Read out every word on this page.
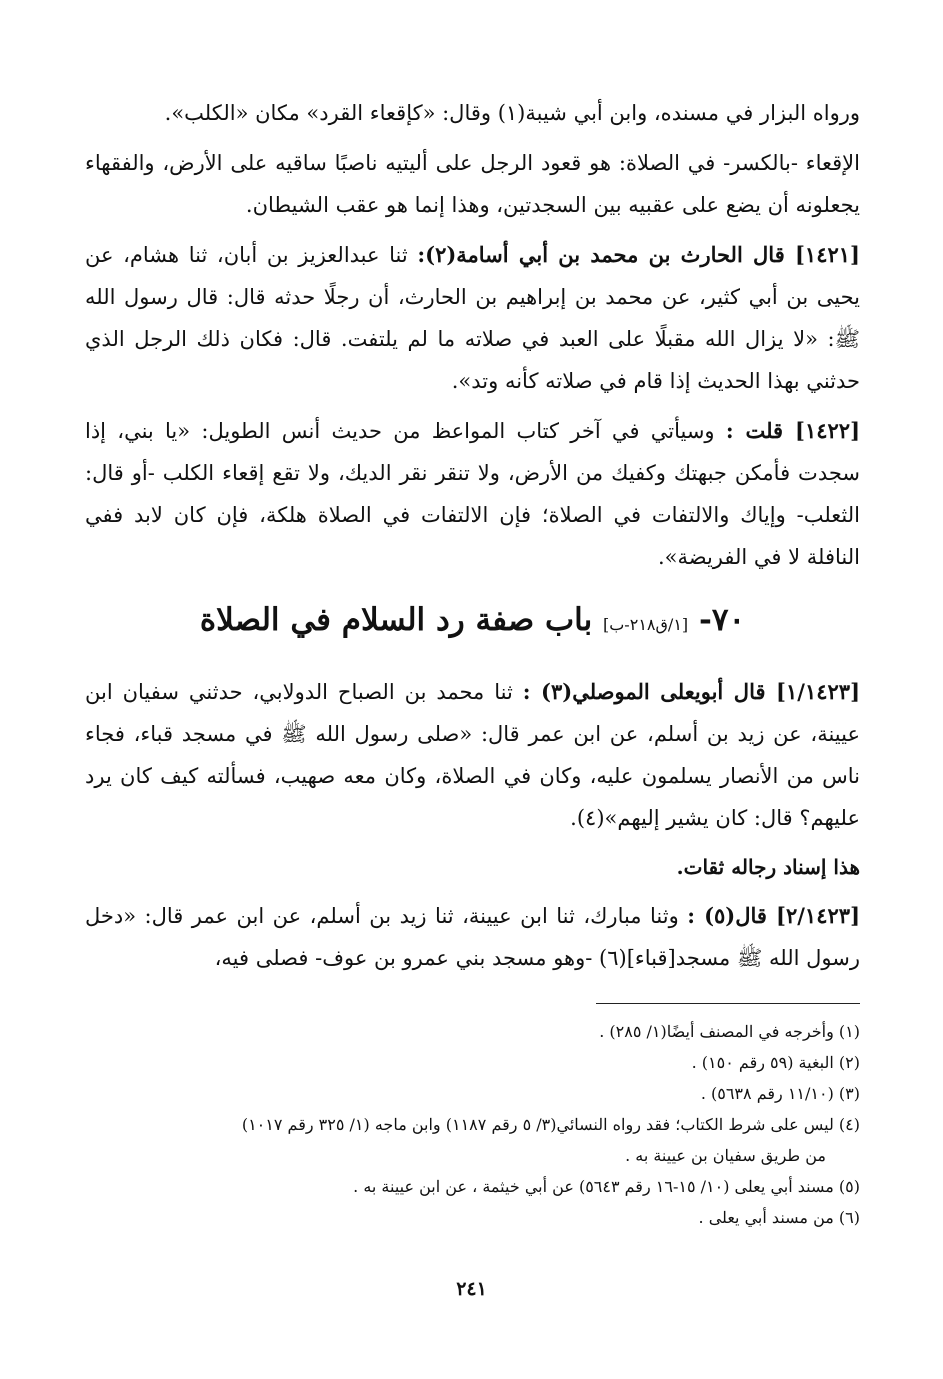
ورواه البزار في مسنده، وابن أبي شيبة(١) وقال: «كإقعاء القرد» مكان «الكلب».

الإقعاء -بالكسر- في الصلاة: هو قعود الرجل على أليتيه ناصبًا ساقيه على الأرض، والفقهاء يجعلونه أن يضع على عقبيه بين السجدتين، وهذا إنما هو عقب الشيطان.

[١٤٢١] قال الحارث بن محمد بن أبي أسامة(٢): ثنا عبدالعزيز بن أبان، ثنا هشام، عن يحيى بن أبي كثير، عن محمد بن إبراهيم بن الحارث، أن رجلًا حدثه قال: قال رسول الله ﷺ: «لا يزال الله مقبلًا على العبد في صلاته ما لم يلتفت. قال: فكان ذلك الرجل الذي حدثني بهذا الحديث إذا قام في صلاته كأنه وتد».

[١٤٢٢] قلت : وسيأتي في آخر كتاب المواعظ من حديث أنس الطويل: «يا بني، إذا سجدت فأمكن جبهتك وكفيك من الأرض، ولا تنقر نقر الديك، ولا تقع إقعاء الكلب -أو قال: الثعلب- وإياك والالتفات في الصلاة؛ فإن الالتفات في الصلاة هلكة، فإن كان لابد ففي النافلة لا في الفريضة».

٧٠- [١/ق٢١٨-ب] باب صفة رد السلام في الصلاة

[١/١٤٢٣] قال أبويعلى الموصلي(٣) : ثنا محمد بن الصباح الدولابي، حدثني سفيان ابن عيينة، عن زيد بن أسلم، عن ابن عمر قال: «صلى رسول الله ﷺ في مسجد قباء، فجاء ناس من الأنصار يسلمون عليه، وكان في الصلاة، وكان معه صهيب، فسألته كيف كان يرد عليهم؟ قال: كان يشير إليهم»(٤).

هذا إسناد رجاله ثقات.

[٢/١٤٢٣] قال(٥) : وثنا مبارك، ثنا ابن عيينة، ثنا زيد بن أسلم، عن ابن عمر قال: «دخل رسول الله ﷺ مسجد[قباء](٦) -وهو مسجد بني عمرو بن عوف- فصلى فيه،

(١) وأخرجه في المصنف أيضًا(١/ ٢٨٥) .

(٢) البغية (٥٩ رقم ١٥٠) .

(٣) (١١/١٠ رقم ٥٦٣٨) .

(٤) ليس على شرط الكتاب؛ فقد رواه النسائي(٣/ ٥ رقم ١١٨٧) وابن ماجه (١/ ٣٢٥ رقم ١٠١٧)

من طريق سفيان بن عيينة به .

(٥) مسند أبي يعلى (١٠/ ١٥-١٦ رقم ٥٦٤٣) عن أبي خيثمة ، عن ابن عيينة به .

(٦) من مسند أبي يعلى .

٢٤١
